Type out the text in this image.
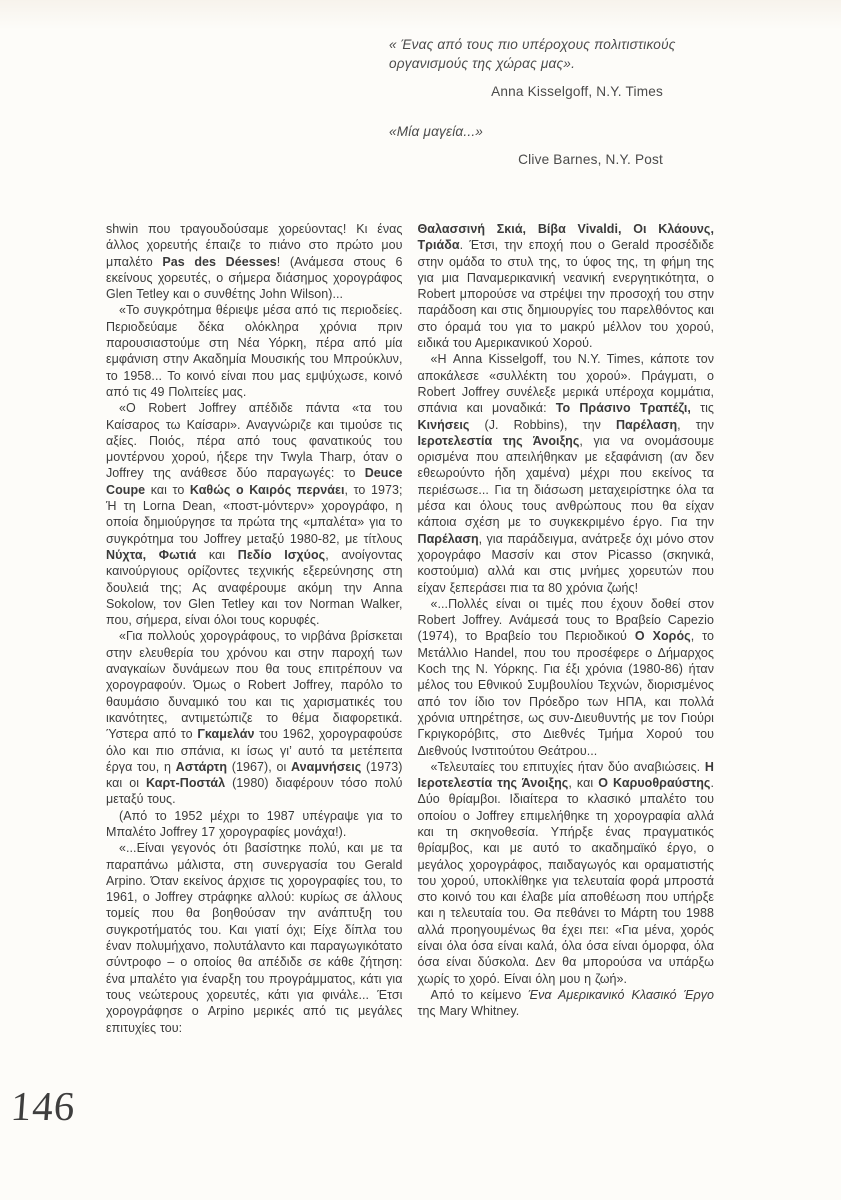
« Ένας από τους πιο υπέροχους πολιτιστικούς οργανισμούς της χώρας μας».

Anna Kisselgoff, N.Y. Times

«Μία μαγεία...»

Clive Barnes, N.Y. Post

shwin που τραγουδούσαμε χορεύοντας! Κι ένας άλλος χορευτής έπαιζε το πιάνο στο πρώτο μου μπαλέτο Pas des Déesses! (Ανάμεσα στους 6 εκείνους χορευτές, ο σήμερα διάσημος χορογράφος Glen Tetley και ο συνθέτης John Wilson)...

«Το συγκρότημα θέριεψε μέσα από τις περιοδείες. Περιοδεύαμε δέκα ολόκληρα χρόνια πριν παρουσιαστούμε στη Νέα Υόρκη, πέρα από μία εμφάνιση στην Ακαδημία Μουσικής του Μπρούκλυν, το 1958... Το κοινό είναι που μας εμψύχωσε, κοινό από τις 49 Πολιτείες μας.

«Ο Robert Joffrey απέδιδε πάντα «τα του Καίσαρος τω Καίσαρι». Αναγνώριζε και τιμούσε τις αξίες. Ποιός, πέρα από τους φανατικούς του μοντέρνου χορού, ήξερε την Twyla Tharp, όταν ο Joffrey της ανάθεσε δύο παραγωγές: το Deuce Coupe και το Καθώς ο Καιρός περνάει, το 1973; Ή τη Lorna Dean, «ποστ-μόντερν» χορογράφο, η οποία δημιούργησε τα πρώτα της «μπαλέτα» για το συγκρότημα του Joffrey μεταξύ 1980-82, με τίτλους Νύχτα, Φωτιά και Πεδίο Ισχύος, ανοίγοντας καινούργιους ορίζοντες τεχνικής εξερεύνησης στη δουλειά της; Ας αναφέρουμε ακόμη την Anna Sokolow, τον Glen Tetley και τον Norman Walker, που, σήμερα, είναι όλοι τους κορυφές.

«Για πολλούς χορογράφους, το νιρβάνα βρίσκεται στην ελευθερία του χρόνου και στην παροχή των αναγκαίων δυνάμεων που θα τους επιτρέπουν να χορογραφούν. Όμως ο Robert Joffrey, παρόλο το θαυμάσιο δυναμικό του και τις χαρισματικές του ικανότητες, αντιμετώπιζε το θέμα διαφορετικά. Ύστερα από το Γκαμελάν του 1962, χορογραφούσε όλο και πιο σπάνια, κι ίσως γι’ αυτό τα μετέπειτα έργα του, η Αστάρτη (1967), οι Αναμνήσεις (1973) και οι Καρτ-Ποστάλ (1980) διαφέρουν τόσο πολύ μεταξύ τους.

(Από το 1952 μέχρι το 1987 υπέγραψε για το Μπαλέτο Joffrey 17 χορογραφίες μονάχα!).

«...Είναι γεγονός ότι βασίστηκε πολύ, και με τα παραπάνω μάλιστα, στη συνεργασία του Gerald Arpino. Όταν εκείνος άρχισε τις χορογραφίες του, το 1961, ο Joffrey στράφηκε αλλού: κυρίως σε άλλους τομείς που θα βοηθούσαν την ανάπτυξη του συγκροτήματός του. Και γιατί όχι; Είχε δίπλα του έναν πολυμήχανο, πολυτάλαντο και παραγωγικότατο σύντροφο – ο οποίος θα απέδιδε σε κάθε ζήτηση: ένα μπαλέτο για έναρξη του προγράμματος, κάτι για τους νεώτερους χορευτές, κάτι για φινάλε... Έτσι χορογράφησε ο Arpino μερικές από τις μεγάλες επιτυχίες του:

Θαλασσινή Σκιά, Βίβα Vivaldi, Οι Κλάουνς, Τριάδα. Έτσι, την εποχή που ο Gerald προσέδιδε στην ομάδα το στυλ της, το ύφος της, τη φήμη της για μια Παναμερικανική νεανική ενεργητικότητα, ο Robert μπορούσε να στρέψει την προσοχή του στην παράδοση και στις δημιουργίες του παρελθόντος και στο όραμά του για το μακρύ μέλλον του χορού, ειδικά του Αμερικανικού Χορού.

«Η Anna Kisselgoff, του N.Y. Times, κάποτε τον αποκάλεσε «συλλέκτη του χορού». Πράγματι, ο Robert Joffrey συνέλεξε μερικά υπέροχα κομμάτια, σπάνια και μοναδικά: Το Πράσινο Τραπέζι, τις Κινήσεις (J. Robbins), την Παρέλαση, την Ιεροτελεστία της Άνοιξης, για να ονομάσουμε ορισμένα που απειλήθηκαν με εξαφάνιση (αν δεν εθεωρούντο ήδη χαμένα) μέχρι που εκείνος τα περιέσωσε... Για τη διάσωση μεταχειρίστηκε όλα τα μέσα και όλους τους ανθρώπους που θα είχαν κάποια σχέση με το συγκεκριμένο έργο. Για την Παρέλαση, για παράδειγμα, ανάτρεξε όχι μόνο στον χορογράφο Μασσίν και στον Picasso (σκηνικά, κοστούμια) αλλά και στις μνήμες χορευτών που είχαν ξεπεράσει πια τα 80 χρόνια ζωής!

«...Πολλές είναι οι τιμές που έχουν δοθεί στον Robert Joffrey. Ανάμεσά τους το Βραβείο Capezio (1974), το Βραβείο του Περιοδικού Ο Χορός, το Μετάλλιο Handel, που του προσέφερε ο Δήμαρχος Koch της Ν. Υόρκης. Για έξι χρόνια (1980-86) ήταν μέλος του Εθνικού Συμβουλίου Τεχνών, διορισμένος από τον ίδιο τον Πρόεδρο των ΗΠΑ, και πολλά χρόνια υπηρέτησε, ως συν-Διευθυντής με τον Γιούρι Γκριγκορόβιτς, στο Διεθνές Τμήμα Χορού του Διεθνούς Ινστιτούτου Θεάτρου...

«Τελευταίες του επιτυχίες ήταν δύο αναβιώσεις. Η Ιεροτελεστία της Άνοιξης, και Ο Καρυοθραύστης. Δύο θρίαμβοι. Ιδιαίτερα το κλασικό μπαλέτο του οποίου ο Joffrey επιμελήθηκε τη χορογραφία αλλά και τη σκηνοθεσία. Υπήρξε ένας πραγματικός θρίαμβος, και με αυτό το ακαδημαϊκό έργο, ο μεγάλος χορογράφος, παιδαγωγός και οραματιστής του χορού, υποκλίθηκε για τελευταία φορά μπροστά στο κοινό του και έλαβε μία αποθέωση που υπήρξε και η τελευταία του. Θα πεθάνει το Μάρτη του 1988 αλλά προηγουμένως θα έχει πει: «Για μένα, χορός είναι όλα όσα είναι καλά, όλα όσα είναι όμορφα, όλα όσα είναι δύσκολα. Δεν θα μπορούσα να υπάρξω χωρίς το χορό. Είναι όλη μου η ζωή».

Από το κείμενο Ένα Αμερικανικό Κλασικό Έργο της Mary Whitney.

146
